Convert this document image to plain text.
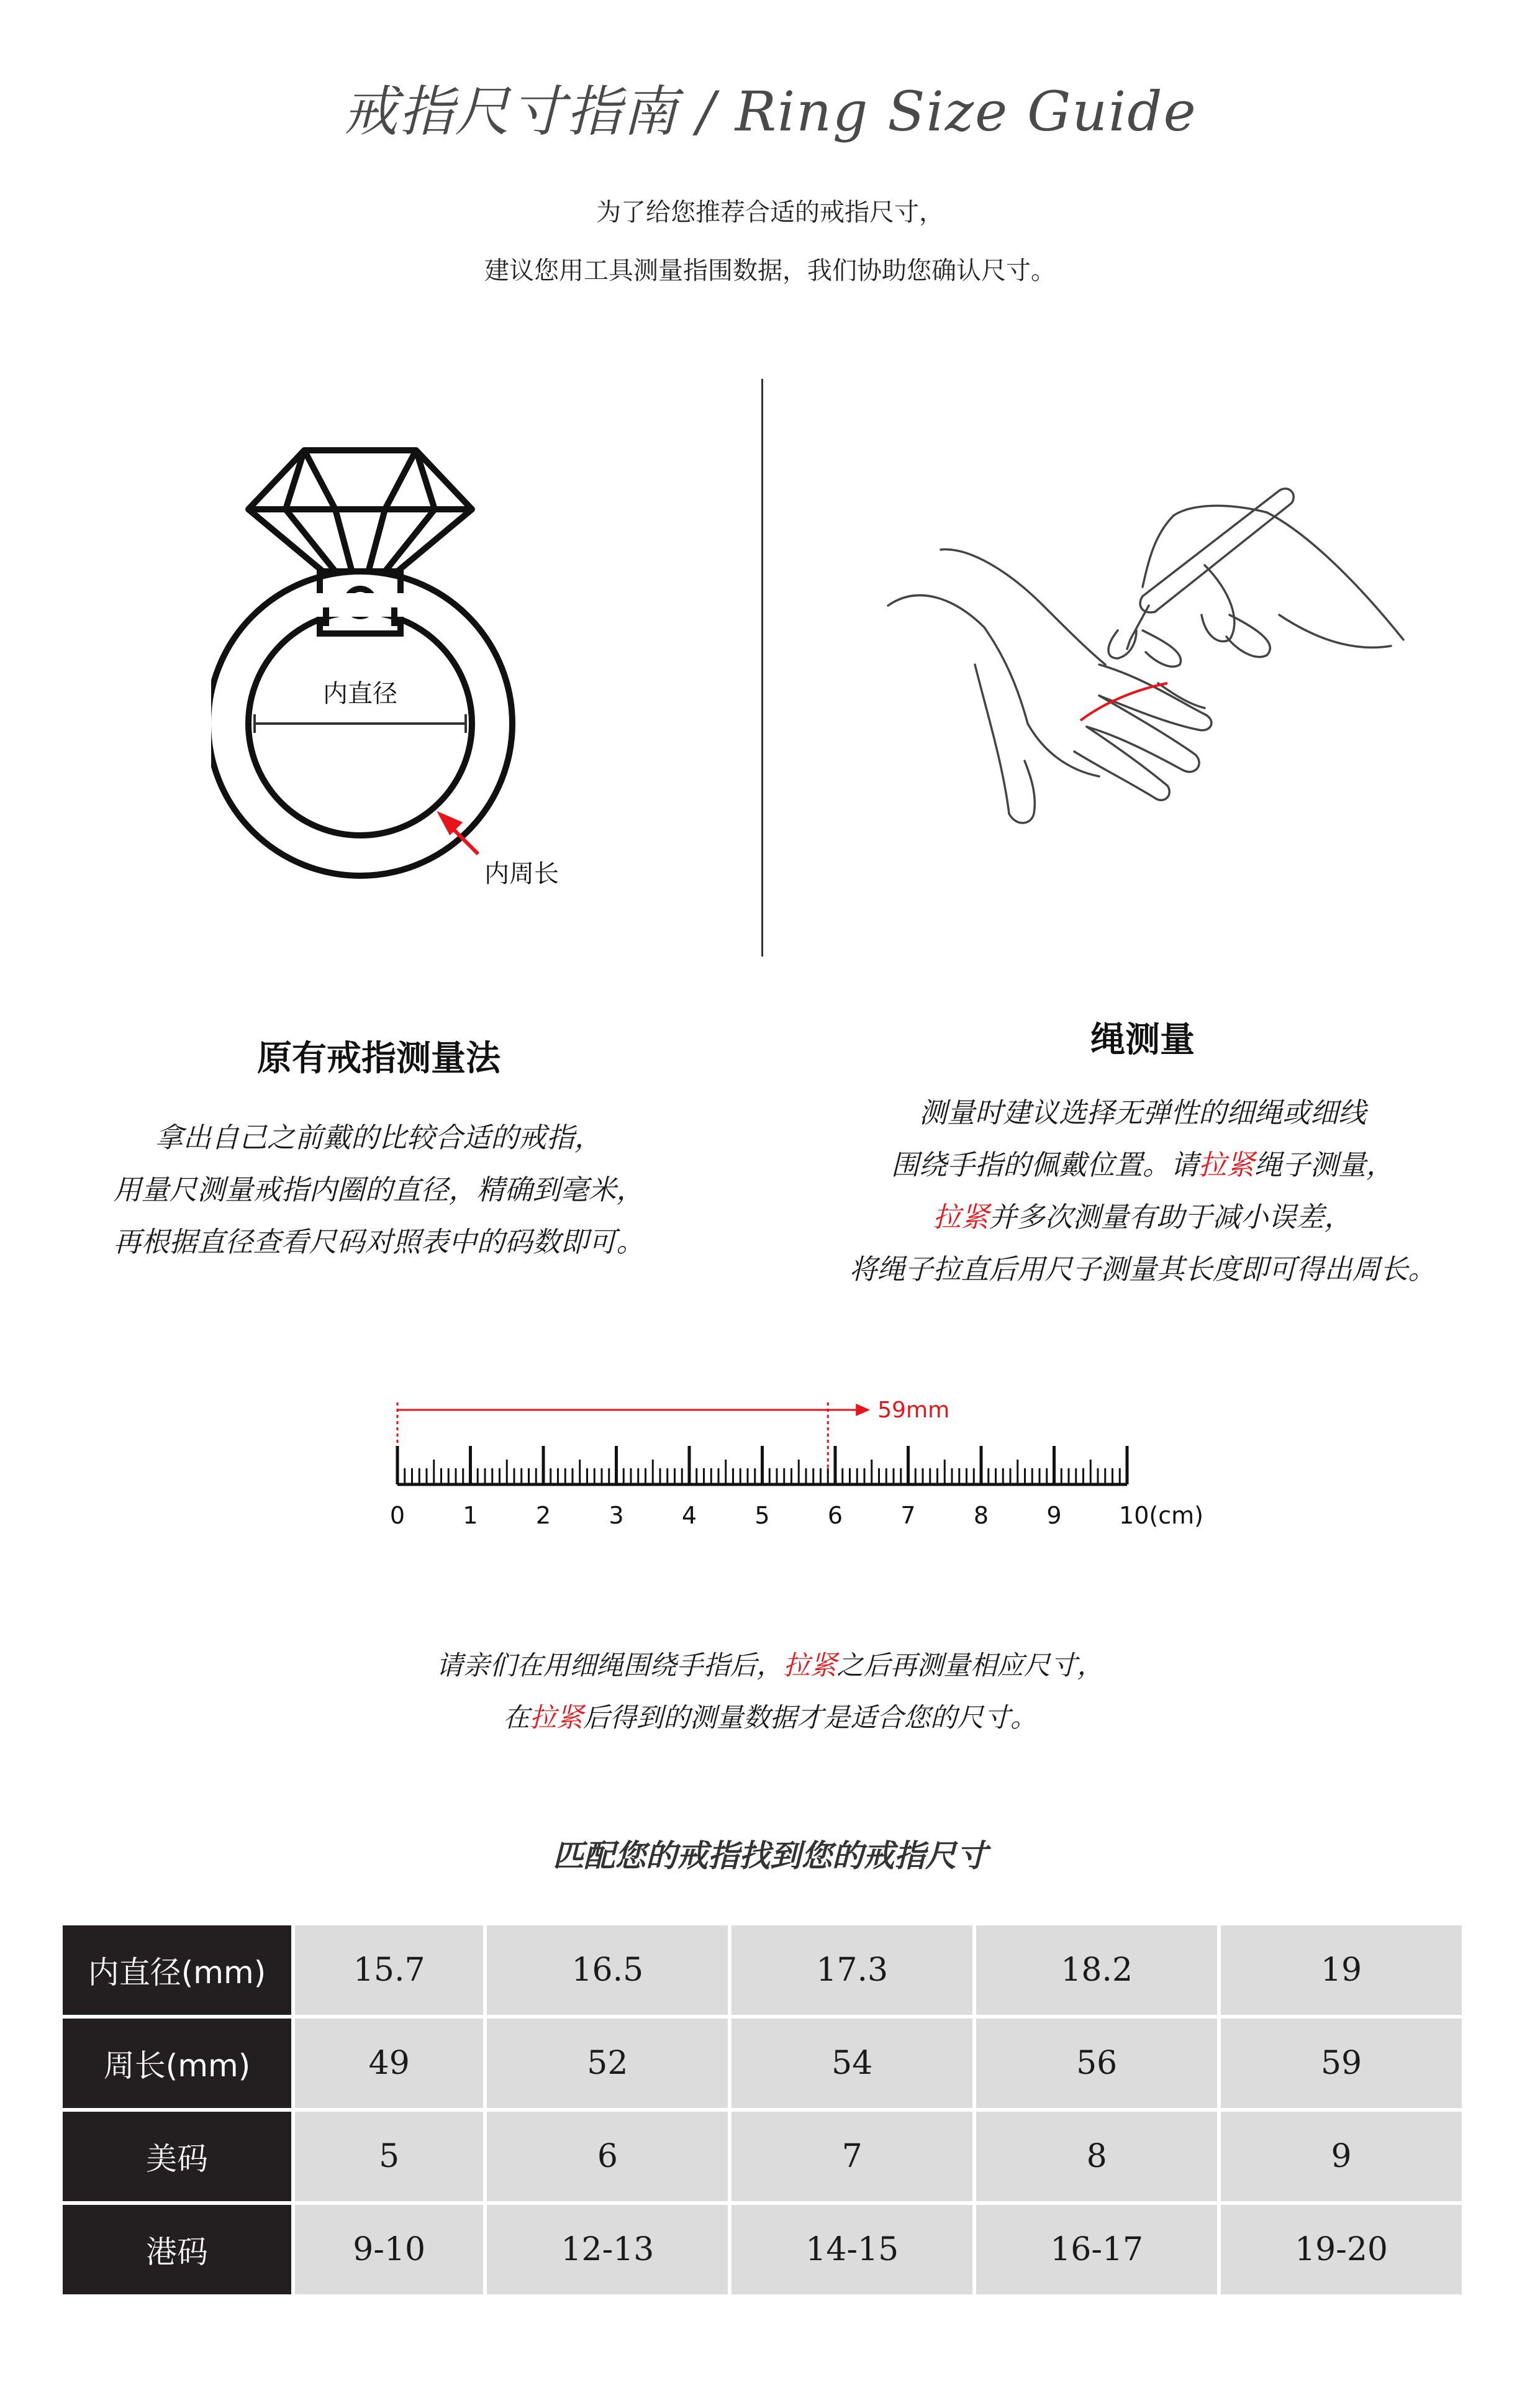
戒指尺寸指南 / Ring Size Guide
为了给您推荐合适的戒指尺寸，
建议您用工具测量指围数据，我们协助您确认尺寸。
内直径
内周长
原有戒指测量法
拿出自己之前戴的比较合适的戒指，
用量尺测量戒指内圈的直径，精确到毫米，
再根据直径查看尺码对照表中的码数即可。
绳测量
测量时建议选择无弹性的细绳或细线
围绕手指的佩戴位置。请拉紧绳子测量，
拉紧并多次测量有助于减小误差，
将绳子拉直后用尺子测量其长度即可得出周长。
59mm
0 1 2 3 4 5 6 7 8 9 10(cm)
请亲们在用细绳围绕手指后，拉紧之后再测量相应尺寸，
在拉紧后得到的测量数据才是适合您的尺寸。
匹配您的戒指找到您的戒指尺寸
内直径(mm)	15.7	16.5	17.3	18.2	19
周长(mm)	49	52	54	56	59
美码	5	6	7	8	9
港码	9-10	12-13	14-15	16-17	19-20
